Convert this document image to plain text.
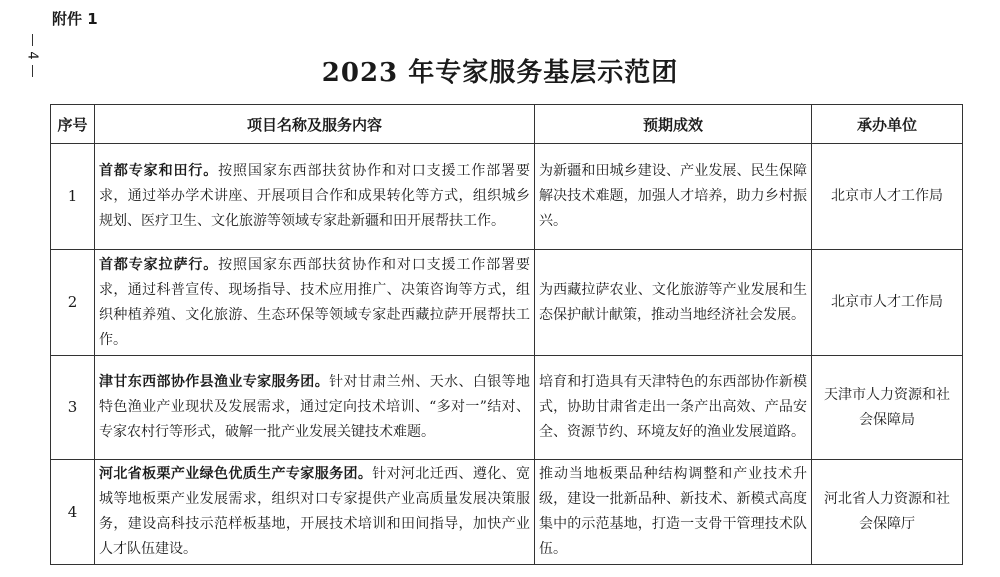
附件 1
4
2023 年专家服务基层示范团
序号	项目名称及服务内容	预期成效	承办单位
1	首都专家和田行。按照国家东西部扶贫协作和对口支援工作部署要求，通过举办学术讲座、开展项目合作和成果转化等方式，组织城乡规划、医疗卫生、文化旅游等领域专家赴新疆和田开展帮扶工作。	为新疆和田城乡建设、产业发展、民生保障解决技术难题，加强人才培养，助力乡村振兴。	北京市人才工作局
2	首都专家拉萨行。按照国家东西部扶贫协作和对口支援工作部署要求，通过科普宣传、现场指导、技术应用推广、决策咨询等方式，组织种植养殖、文化旅游、生态环保等领域专家赴西藏拉萨开展帮扶工作。	为西藏拉萨农业、文化旅游等产业发展和生态保护献计献策，推动当地经济社会发展。	北京市人才工作局
3	津甘东西部协作县渔业专家服务团。针对甘肃兰州、天水、白银等地特色渔业产业现状及发展需求，通过定向技术培训、“多对一”结对、专家农村行等形式，破解一批产业发展关键技术难题。	培育和打造具有天津特色的东西部协作新模式，协助甘肃省走出一条产出高效、产品安全、资源节约、环境友好的渔业发展道路。	天津市人力资源和社会保障局
4	河北省板栗产业绿色优质生产专家服务团。针对河北迁西、遵化、宽城等地板栗产业发展需求，组织对口专家提供产业高质量发展决策服务，建设高科技示范样板基地，开展技术培训和田间指导，加快产业人才队伍建设。	推动当地板栗品种结构调整和产业技术升级，建设一批新品种、新技术、新模式高度集中的示范基地，打造一支骨干管理技术队伍。	河北省人力资源和社会保障厅
